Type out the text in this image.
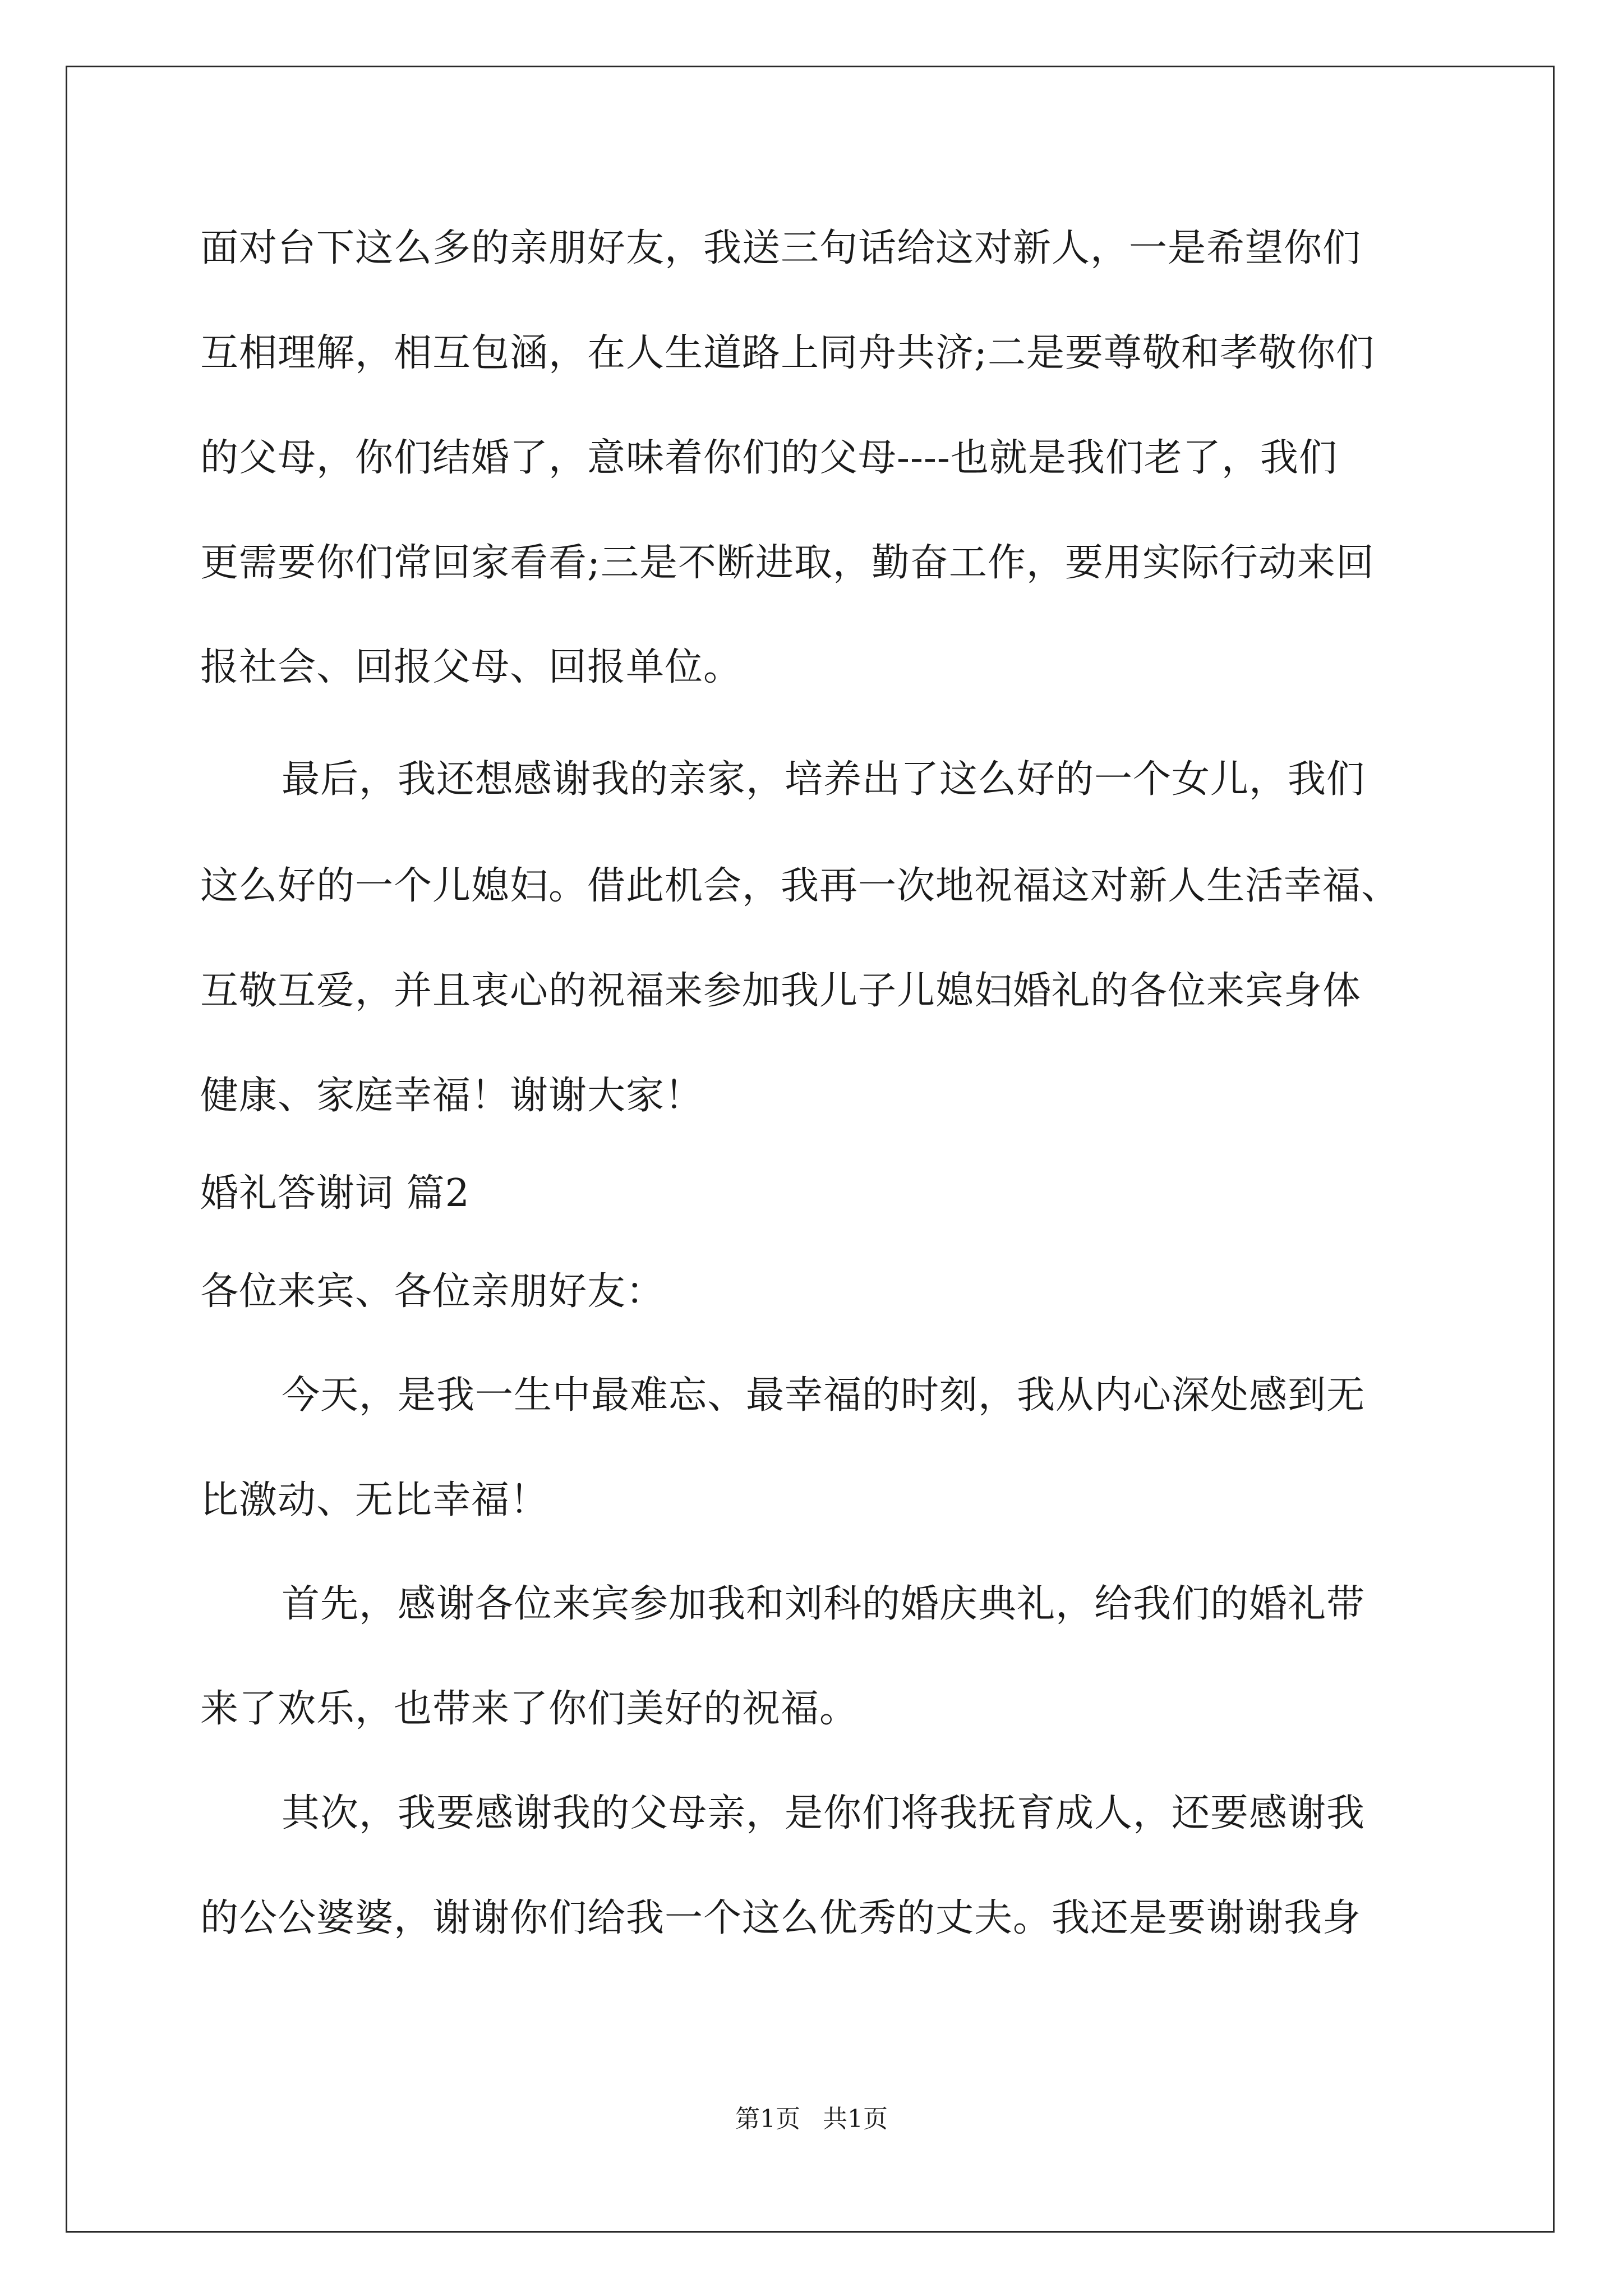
面对台下这么多的亲朋好友，我送三句话给这对新人，一是希望你们
互相理解，相互包涵，在人生道路上同舟共济;二是要尊敬和孝敬你们
的父母，你们结婚了，意味着你们的父母----也就是我们老了，我们
更需要你们常回家看看;三是不断进取，勤奋工作，要用实际行动来回
报社会、回报父母、回报单位。
最后，我还想感谢我的亲家，培养出了这么好的一个女儿，我们
这么好的一个儿媳妇。借此机会，我再一次地祝福这对新人生活幸福、
互敬互爱，并且衷心的祝福来参加我儿子儿媳妇婚礼的各位来宾身体
健康、家庭幸福！谢谢大家！
婚礼答谢词 篇2
各位来宾、各位亲朋好友：
今天，是我一生中最难忘、最幸福的时刻，我从内心深处感到无
比激动、无比幸福！
首先，感谢各位来宾参加我和刘科的婚庆典礼，给我们的婚礼带
来了欢乐，也带来了你们美好的祝福。
其次，我要感谢我的父母亲，是你们将我抚育成人，还要感谢我
的公公婆婆，谢谢你们给我一个这么优秀的丈夫。我还是要谢谢我身
第1页 共1页
